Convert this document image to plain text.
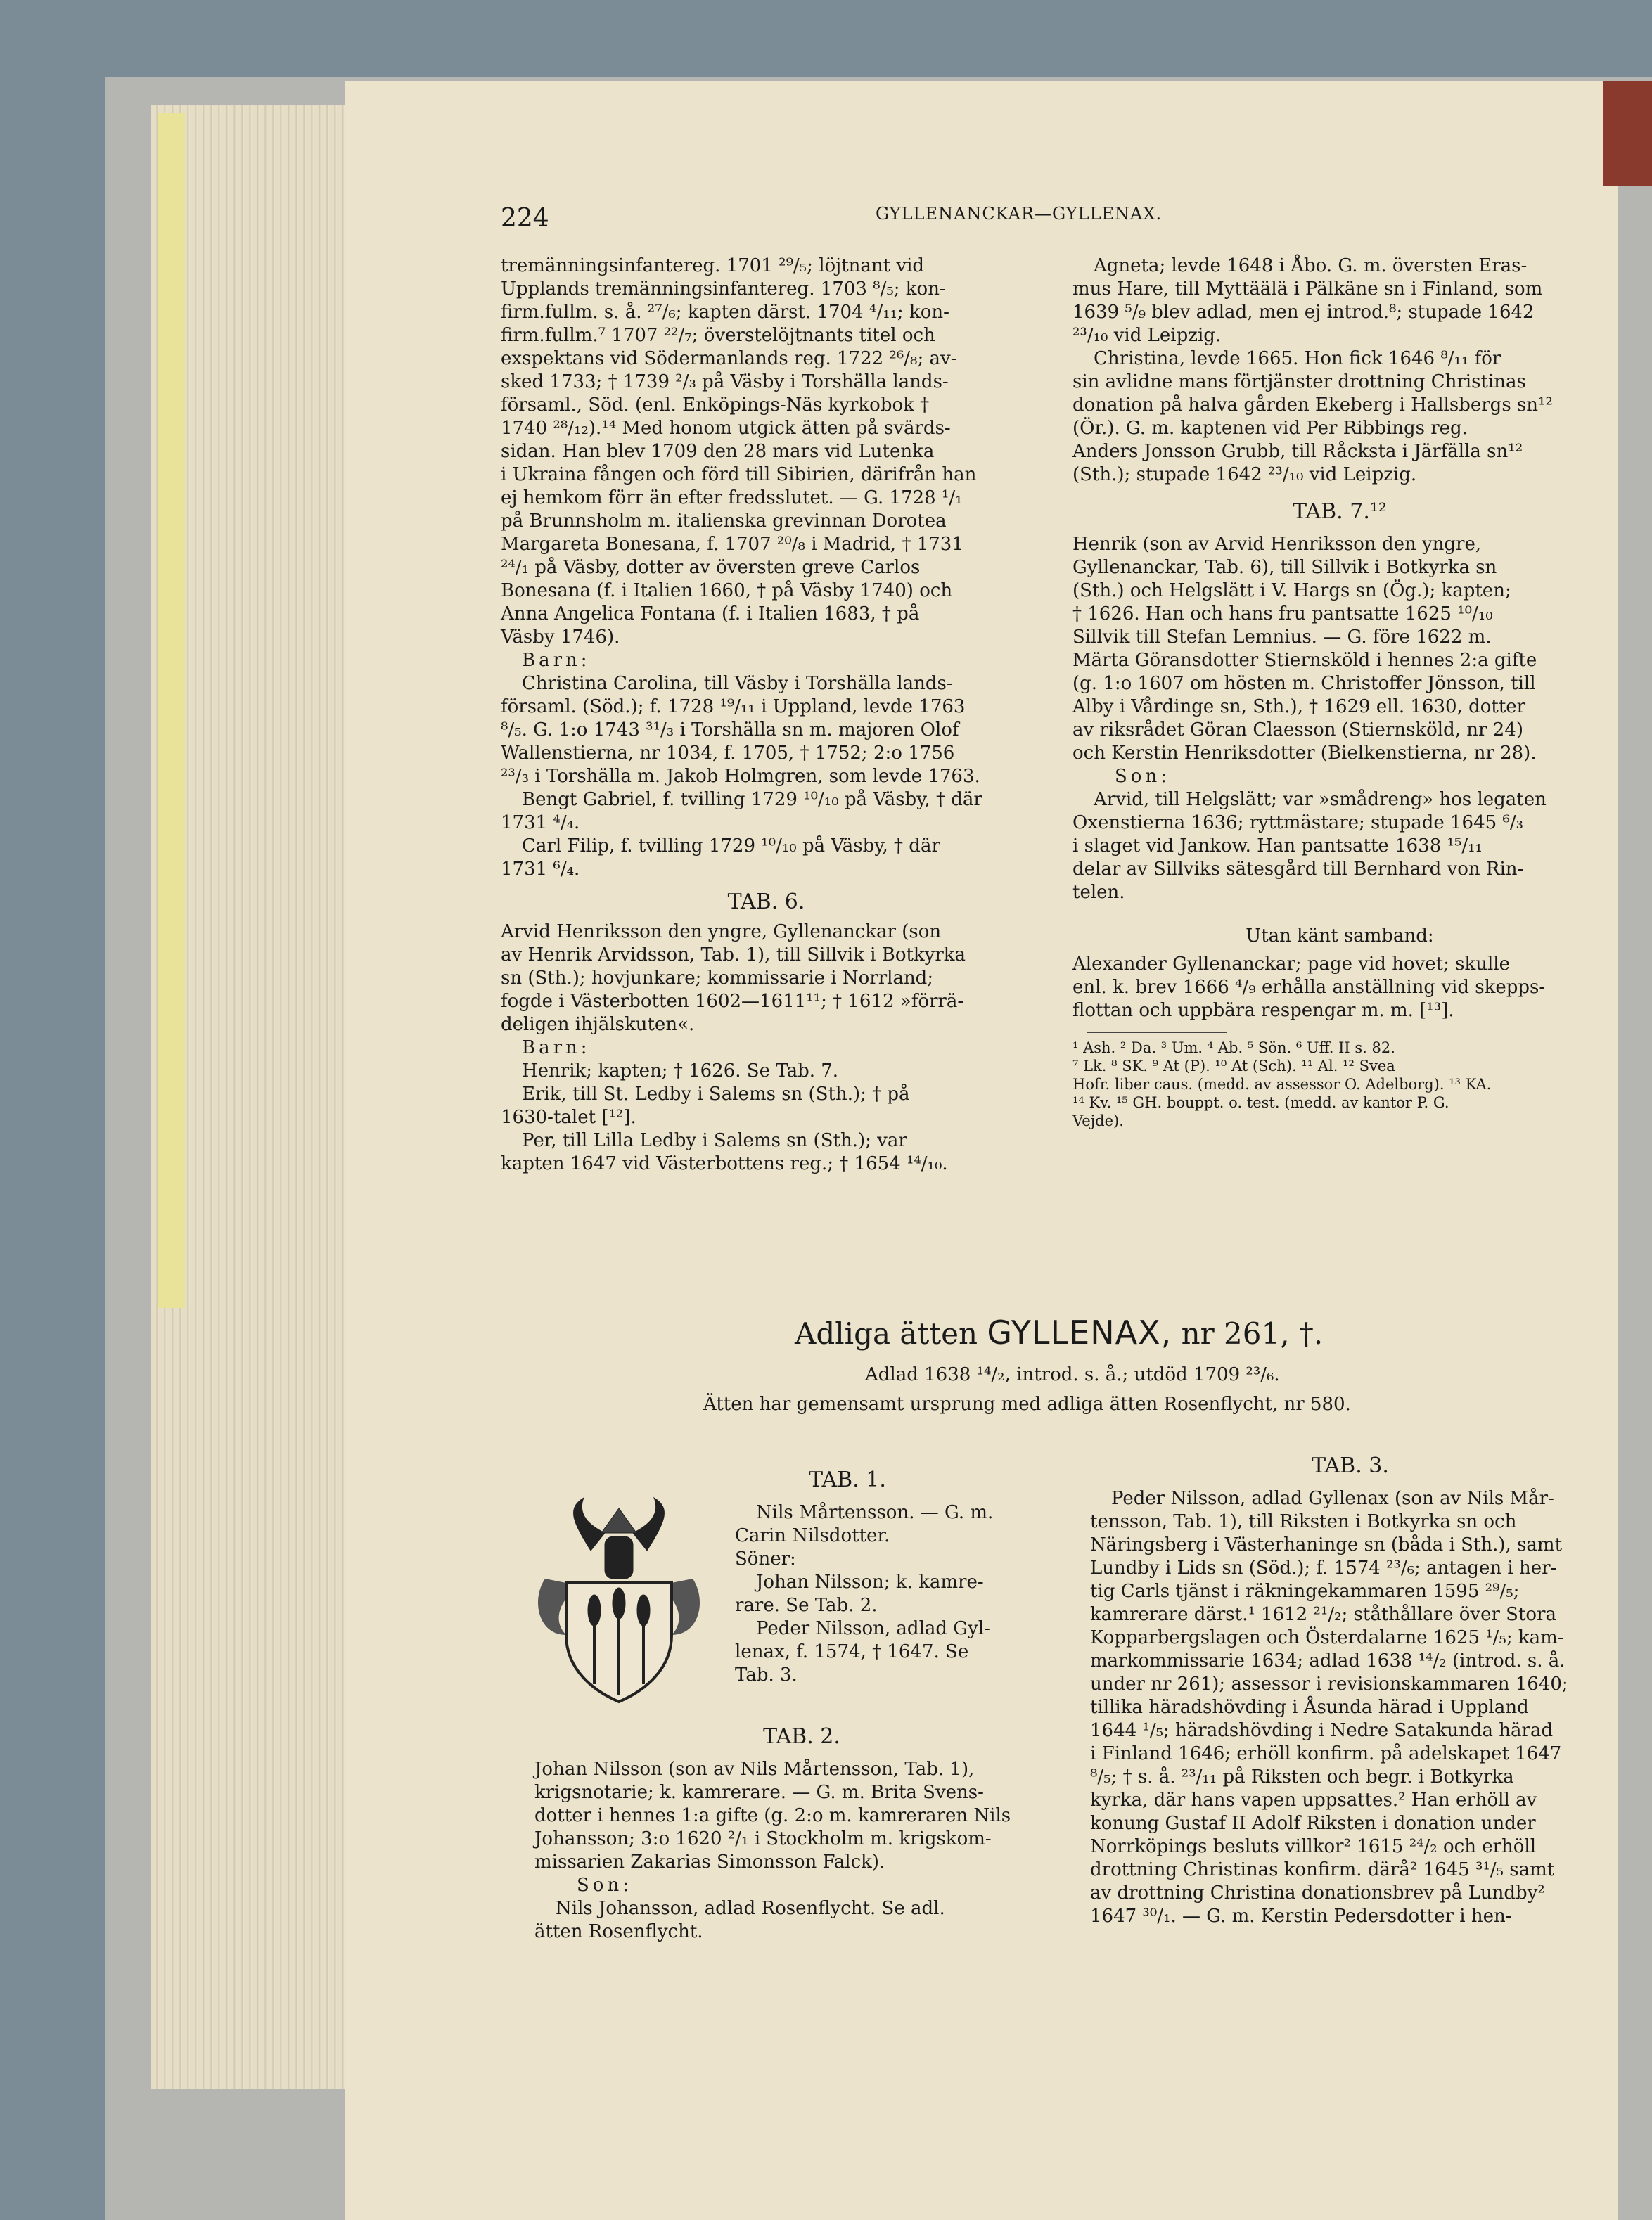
224	GYLLENANCKAR—GYLLENAX.
tremänningsinfantereg. 1701 ²⁹/₅; löjtnant vid
Upplands tremänningsinfantereg. 1703 ⁸/₅; kon-
firm.fullm. s. å. ²⁷/₆; kapten därst. 1704 ⁴/₁₁; kon-
firm.fullm.⁷ 1707 ²²/₇; överstelöjtnants titel och
exspektans vid Södermanlands reg. 1722 ²⁶/₈; av-
sked 1733; † 1739 ²/₃ på Väsby i Torshälla lands-
församl., Söd. (enl. Enköpings-Näs kyrkobok †
1740 ²⁸/₁₂).¹⁴ Med honom utgick ätten på svärds-
sidan. Han blev 1709 den 28 mars vid Lutenka
i Ukraina fången och förd till Sibirien, därifrån han
ej hemkom förr än efter fredsslutet. — G. 1728 ¹/₁
på Brunnsholm m. italienska grevinnan Dorotea
Margareta Bonesana, f. 1707 ²⁰/₈ i Madrid, † 1731
²⁴/₁ på Väsby, dotter av översten greve Carlos
Bonesana (f. i Italien 1660, † på Väsby 1740) och
Anna Angelica Fontana (f. i Italien 1683, † på
Väsby 1746).
Barn:
Christina Carolina, till Väsby i Torshälla lands-
församl. (Söd.); f. 1728 ¹⁹/₁₁ i Uppland, levde 1763
⁸/₅. G. 1:o 1743 ³¹/₃ i Torshälla sn m. majoren Olof
Wallenstierna, nr 1034, f. 1705, † 1752; 2:o 1756
²³/₃ i Torshälla m. Jakob Holmgren, som levde 1763.
Bengt Gabriel, f. tvilling 1729 ¹⁰/₁₀ på Väsby, † där
1731 ⁴/₄.
Carl Filip, f. tvilling 1729 ¹⁰/₁₀ på Väsby, † där
1731 ⁶/₄.
TAB. 6.
Arvid Henriksson den yngre, Gyllenanckar (son
av Henrik Arvidsson, Tab. 1), till Sillvik i Botkyrka
sn (Sth.); hovjunkare; kommissarie i Norrland;
fogde i Västerbotten 1602—1611¹¹; † 1612 »förrä-
deligen ihjälskuten«.
Barn:
Henrik; kapten; † 1626. Se Tab. 7.
Erik, till St. Ledby i Salems sn (Sth.); † på
1630-talet [¹²].
Per, till Lilla Ledby i Salems sn (Sth.); var
kapten 1647 vid Västerbottens reg.; † 1654 ¹⁴/₁₀.
Agneta; levde 1648 i Åbo. G. m. översten Eras-
mus Hare, till Myttäälä i Pälkäne sn i Finland, som
1639 ⁵/₉ blev adlad, men ej introd.⁸; stupade 1642
²³/₁₀ vid Leipzig.
Christina, levde 1665. Hon fick 1646 ⁸/₁₁ för
sin avlidne mans förtjänster drottning Christinas
donation på halva gården Ekeberg i Hallsbergs sn¹²
(Ör.). G. m. kaptenen vid Per Ribbings reg.
Anders Jonsson Grubb, till Råcksta i Järfälla sn¹²
(Sth.); stupade 1642 ²³/₁₀ vid Leipzig.
TAB. 7.¹²
Henrik (son av Arvid Henriksson den yngre,
Gyllenanckar, Tab. 6), till Sillvik i Botkyrka sn
(Sth.) och Helgslätt i V. Hargs sn (Ög.); kapten;
† 1626. Han och hans fru pantsatte 1625 ¹⁰/₁₀
Sillvik till Stefan Lemnius. — G. före 1622 m.
Märta Göransdotter Stiernsköld i hennes 2:a gifte
(g. 1:o 1607 om hösten m. Christoffer Jönsson, till
Alby i Vårdinge sn, Sth.), † 1629 ell. 1630, dotter
av riksrådet Göran Claesson (Stiernsköld, nr 24)
och Kerstin Henriksdotter (Bielkenstierna, nr 28).
Son:
Arvid, till Helgslätt; var »smådreng» hos legaten
Oxenstierna 1636; ryttmästare; stupade 1645 ⁶/₃
i slaget vid Jankow. Han pantsatte 1638 ¹⁵/₁₁
delar av Sillviks sätesgård till Bernhard von Rin-
telen.
Utan känt samband:
Alexander Gyllenanckar; page vid hovet; skulle
enl. k. brev 1666 ⁴/₉ erhålla anställning vid skepps-
flottan och uppbära respengar m. m. [¹³].
¹ Ash. ² Da. ³ Um. ⁴ Ab. ⁵ Sön. ⁶ Uff. II s. 82.
⁷ Lk. ⁸ SK. ⁹ At (P). ¹⁰ At (Sch). ¹¹ Al. ¹² Svea
Hofr. liber caus. (medd. av assessor O. Adelborg). ¹³ KA.
¹⁴ Kv. ¹⁵ GH. bouppt. o. test. (medd. av kantor P. G.
Vejde).
Adliga ätten GYLLENAX, nr 261, †.
Adlad 1638 ¹⁴/₂, introd. s. å.; utdöd 1709 ²³/₆.
Ätten har gemensamt ursprung med adliga ätten Rosenflycht, nr 580.
TAB. 1.
Nils Mårtensson. — G. m.
Carin Nilsdotter.
Söner:
Johan Nilsson; k. kamre-
rare. Se Tab. 2.
Peder Nilsson, adlad Gyl-
lenax, f. 1574, † 1647. Se
Tab. 3.
TAB. 2.
Johan Nilsson (son av Nils Mårtensson, Tab. 1),
krigsnotarie; k. kamrerare. — G. m. Brita Svens-
dotter i hennes 1:a gifte (g. 2:o m. kamreraren Nils
Johansson; 3:o 1620 ²/₁ i Stockholm m. krigskom-
missarien Zakarias Simonsson Falck).
Son:
Nils Johansson, adlad Rosenflycht. Se adl.
ätten Rosenflycht.
TAB. 3.
Peder Nilsson, adlad Gyllenax (son av Nils Mår-
tensson, Tab. 1), till Riksten i Botkyrka sn och
Näringsberg i Västerhaninge sn (båda i Sth.), samt
Lundby i Lids sn (Söd.); f. 1574 ²³/₆; antagen i her-
tig Carls tjänst i räkningekammaren 1595 ²⁹/₅;
kamrerare därst.¹ 1612 ²¹/₂; ståthållare över Stora
Kopparbergslagen och Österdalarne 1625 ¹/₅; kam-
markommissarie 1634; adlad 1638 ¹⁴/₂ (introd. s. å.
under nr 261); assessor i revisionskammaren 1640;
tillika häradshövding i Åsunda härad i Uppland
1644 ¹/₅; häradshövding i Nedre Satakunda härad
i Finland 1646; erhöll konfirm. på adelskapet 1647
⁸/₅; † s. å. ²³/₁₁ på Riksten och begr. i Botkyrka
kyrka, där hans vapen uppsattes.² Han erhöll av
konung Gustaf II Adolf Riksten i donation under
Norrköpings besluts villkor² 1615 ²⁴/₂ och erhöll
drottning Christinas konfirm. därå² 1645 ³¹/₅ samt
av drottning Christina donationsbrev på Lundby²
1647 ³⁰/₁. — G. m. Kerstin Pedersdotter i hen-
